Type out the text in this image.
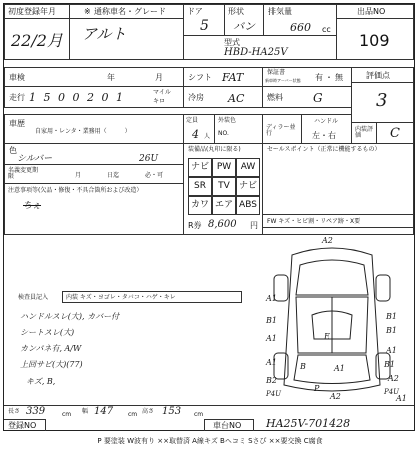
初度登録年月
22/2月
通称車名・グレード
※
アルト
ドア
5
形状
バン
排気量
660 cc
型式
HBD-HA25V
出品NO
109
車検	年	月	シフト FAT	保証書
新車時アーバー状態 有 ・ 無	評価点
3
走行 1 5 0 0 2 0 1	マイル
キロ	冷房 AC	燃料	G
車歴
自家用・レンタ・業務用（　　　）
定員
4 人
外装色
NO.
ディラー並行
ハンドル
左・右
内装評価	C
色
シルバー	26U
名義変更期限	月	日迄	必・可
注意事項等(欠品・修復・不具合箇所および改造）
ちぇ
装備品(丸印に限る)
ナビ PW	AW
SR	TV	ナビ
カワ エア ABS
R券 8,600 円
セールスポイント（正常に機能するもの）
FW キズ・ヒビ割・リペア跡・X要
検査員記入	内装 キズ・ヨゴレ・タバコ・ハゲ・キレ
ハンドルスレ(大), カバー付
シートスレ(大)
カンパネ有, A/W
上回サビ(大)(77)
キズ, B,
A2
A1
B1
A1	E
B1
B1
A1
A1	B1
A2
B	A1
B2
P
P4U	A2	P4U
A1
長さ 339	cm 幅 147 cm 高さ 153 cm
登録NO	車台NO HA25V-701428
P 要塗装 W波有り ××取替済 A線キズ Bヘコミ Sさび ××要交換 C腐食
